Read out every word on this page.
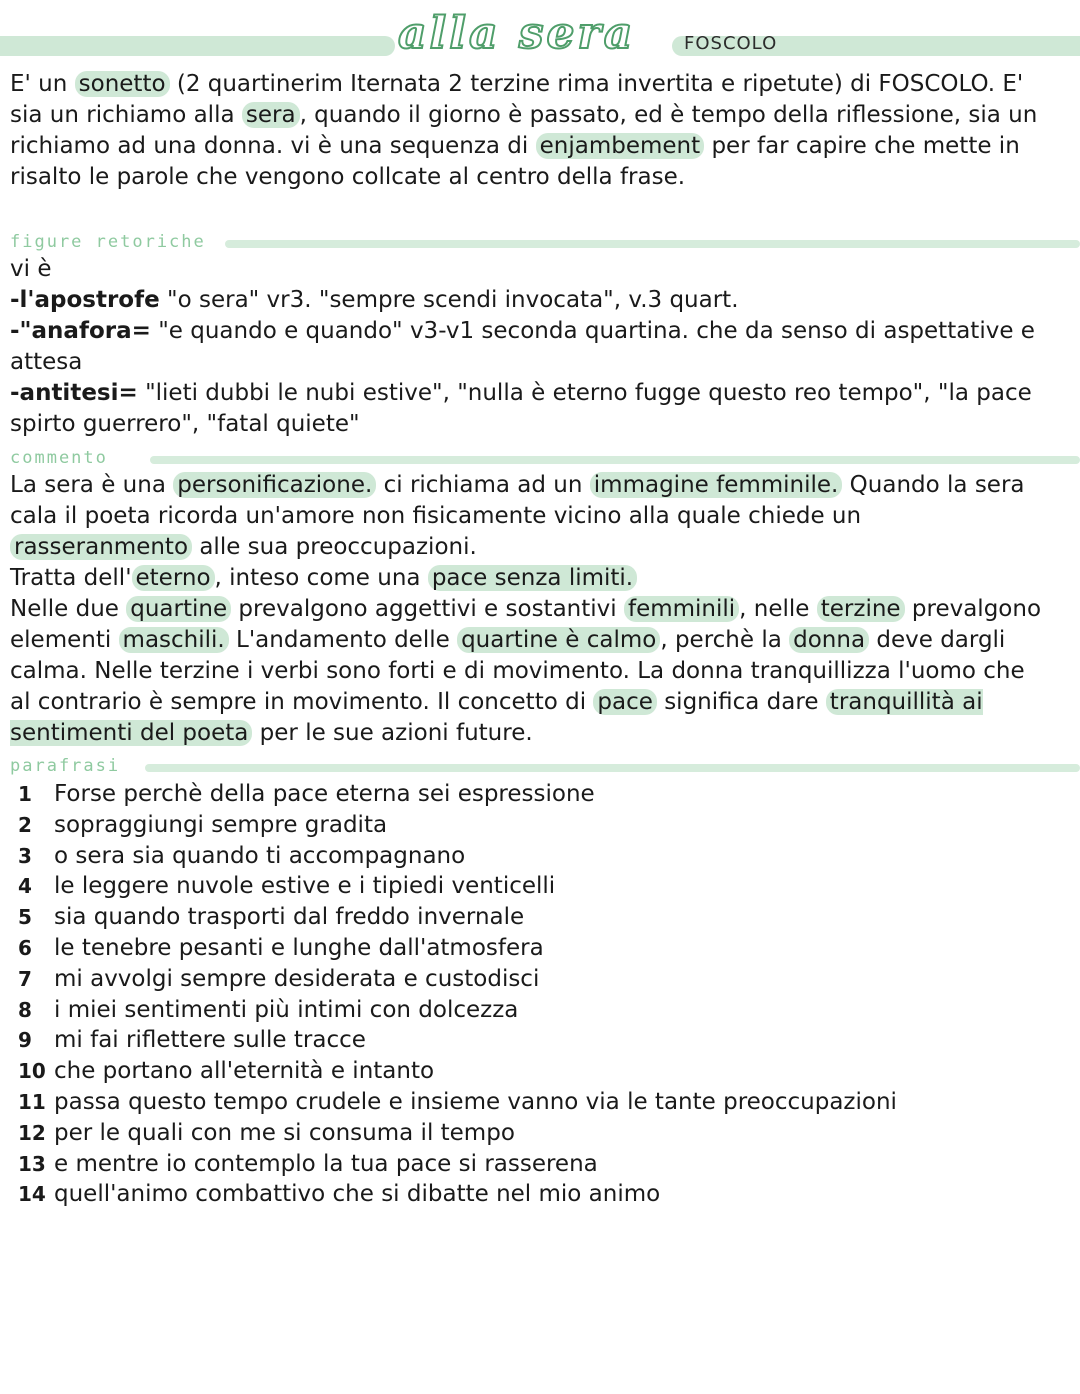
alla sera	FOSCOLO

E' un sonetto (2 quartinerim Iternata 2 terzine rima invertita e ripetute) di FOSCOLO. E' sia un richiamo alla sera , quando il giorno è passato, ed è tempo della riflessione, sia un richiamo ad una donna. vi è una sequenza di enjambement per far capire che mette in risalto le parole che vengono collcate al centro della frase.

figure retoriche

vi è

-l'apostrofe "o sera" vr3. "sempre scendi invocata", v.3 quart.

-"anafora= "e quando e quando" v3-v1 seconda quartina. che da senso di aspettative e attesa

-antitesi= "lieti dubbi le nubi estive", "nulla è eterno fugge questo reo tempo", "la pace spirto guerrero", "fatal quiete"

commento

La sera è una personificazione. ci richiama ad un immagine femminile. Quando la sera cala il poeta ricorda un'amore non fisicamente vicino alla quale chiede un rasseranmento alle sua preoccupazioni.

Tratta dell' eterno , inteso come una pace senza limiti.

Nelle due quartine prevalgono aggettivi e sostantivi femminili , nelle terzine prevalgono elementi maschili. L'andamento delle quartine è calmo , perchè la donna deve dargli calma. Nelle terzine i verbi sono forti e di movimento. La donna tranquillizza l'uomo che al contrario è sempre in movimento. Il concetto di pace significa dare tranquillità ai sentimenti del poeta per le sue azioni future.

parafrasi
1 Forse perchè della pace eterna sei espressione
2 sopraggiungi sempre gradita
3 o sera sia quando ti accompagnano
4 le leggere nuvole estive e i tipiedi venticelli
5 sia quando trasporti dal freddo invernale
6 le tenebre pesanti e lunghe dall'atmosfera
7 mi avvolgi sempre desiderata e custodisci
8 i miei sentimenti più intimi con dolcezza
9 mi fai riflettere sulle tracce
10 che portano all'eternità e intanto
11 passa questo tempo crudele e insieme vanno via le tante preoccupazioni
12 per le quali con me si consuma il tempo
13 e mentre io contemplo la tua pace si rasserena
14 quell'animo combattivo che si dibatte nel mio animo
